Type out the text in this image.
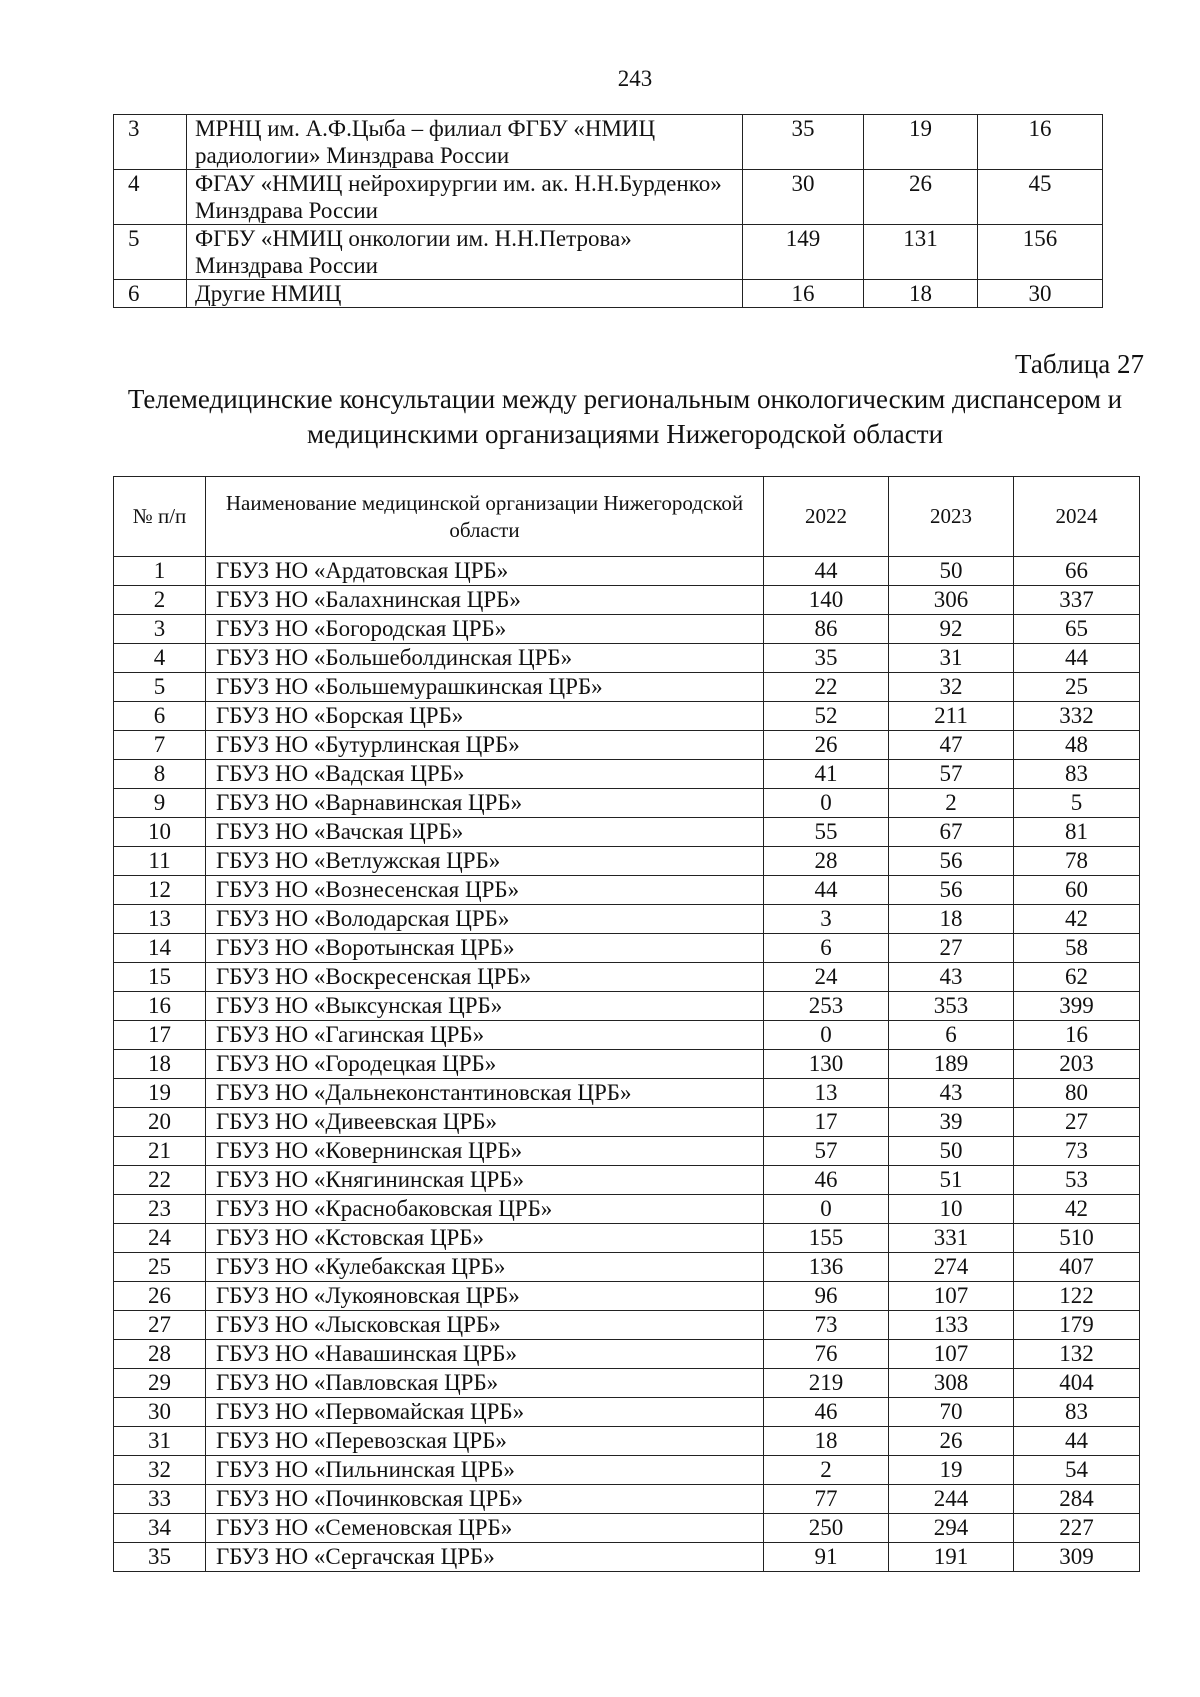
243
3	МРНЦ им. А.Ф.Цыба – филиал ФГБУ «НМИЦ радиологии» Минздрава России	35	19	16
4	ФГАУ «НМИЦ нейрохирургии им. ак. Н.Н.Бурденко» Минздрава России	30	26	45
5	ФГБУ «НМИЦ онкологии им. Н.Н.Петрова» Минздрава России	149	131	156
6	Другие НМИЦ	16	18	30
Таблица 27
Телемедицинские консультации между региональным онкологическим диспансером и медицинскими организациями Нижегородской области
№ п/п	Наименование медицинской организации Нижегородской области	2022	2023	2024
1	ГБУЗ НО «Ардатовская ЦРБ»	44	50	66
2	ГБУЗ НО «Балахнинская ЦРБ»	140	306	337
3	ГБУЗ НО «Богородская ЦРБ»	86	92	65
4	ГБУЗ НО «Большеболдинская ЦРБ»	35	31	44
5	ГБУЗ НО «Большемурашкинская ЦРБ»	22	32	25
6	ГБУЗ НО «Борская ЦРБ»	52	211	332
7	ГБУЗ НО «Бутурлинская ЦРБ»	26	47	48
8	ГБУЗ НО «Вадская ЦРБ»	41	57	83
9	ГБУЗ НО «Варнавинская ЦРБ»	0	2	5
10	ГБУЗ НО «Вачская ЦРБ»	55	67	81
11	ГБУЗ НО «Ветлужская ЦРБ»	28	56	78
12	ГБУЗ НО «Вознесенская ЦРБ»	44	56	60
13	ГБУЗ НО «Володарская ЦРБ»	3	18	42
14	ГБУЗ НО «Воротынская ЦРБ»	6	27	58
15	ГБУЗ НО «Воскресенская ЦРБ»	24	43	62
16	ГБУЗ НО «Выксунская ЦРБ»	253	353	399
17	ГБУЗ НО «Гагинская ЦРБ»	0	6	16
18	ГБУЗ НО «Городецкая ЦРБ»	130	189	203
19	ГБУЗ НО «Дальнеконстантиновская ЦРБ»	13	43	80
20	ГБУЗ НО «Дивеевская ЦРБ»	17	39	27
21	ГБУЗ НО «Ковернинская ЦРБ»	57	50	73
22	ГБУЗ НО «Княгининская ЦРБ»	46	51	53
23	ГБУЗ НО «Краснобаковская ЦРБ»	0	10	42
24	ГБУЗ НО «Кстовская ЦРБ»	155	331	510
25	ГБУЗ НО «Кулебакская ЦРБ»	136	274	407
26	ГБУЗ НО «Лукояновская ЦРБ»	96	107	122
27	ГБУЗ НО «Лысковская ЦРБ»	73	133	179
28	ГБУЗ НО «Навашинская ЦРБ»	76	107	132
29	ГБУЗ НО «Павловская ЦРБ»	219	308	404
30	ГБУЗ НО «Первомайская ЦРБ»	46	70	83
31	ГБУЗ НО «Перевозская ЦРБ»	18	26	44
32	ГБУЗ НО «Пильнинская ЦРБ»	2	19	54
33	ГБУЗ НО «Починковская ЦРБ»	77	244	284
34	ГБУЗ НО «Семеновская ЦРБ»	250	294	227
35	ГБУЗ НО «Сергачская ЦРБ»	91	191	309
